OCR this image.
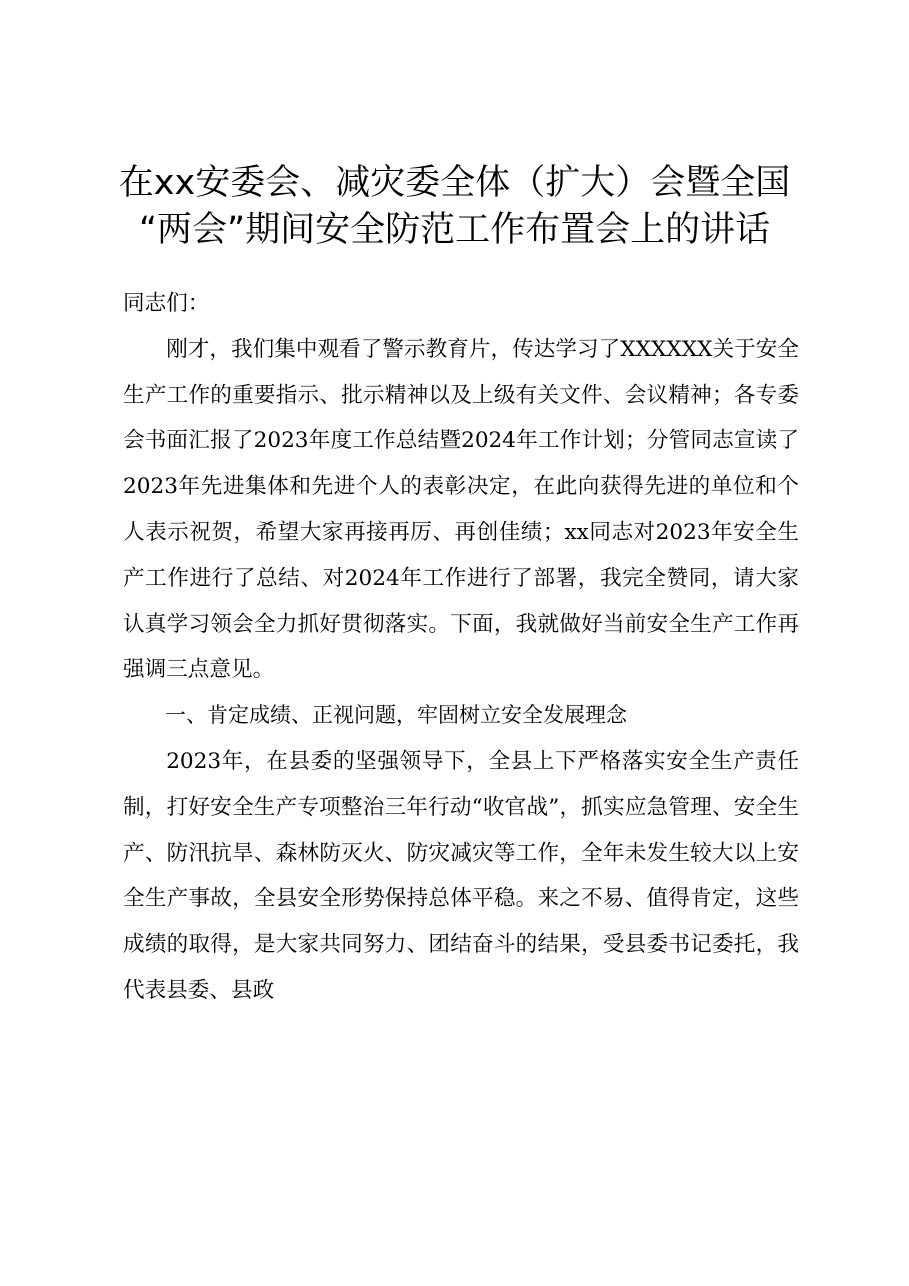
在xx安委会、减灾委全体（扩大）会暨全国
“两会”期间安全防范工作布置会上的讲话

同志们：

刚才，我们集中观看了警示教育片，传达学习了XXXXXX关于安全生产工作的重要指示、批示精神以及上级有关文件、会议精神；各专委会书面汇报了2023年度工作总结暨2024年工作计划；分管同志宣读了2023年先进集体和先进个人的表彰决定，在此向获得先进的单位和个人表示祝贺，希望大家再接再厉、再创佳绩；xx同志对2023年安全生产工作进行了总结、对2024年工作进行了部署，我完全赞同，请大家认真学习领会全力抓好贯彻落实。下面，我就做好当前安全生产工作再强调三点意见。

一、肯定成绩、正视问题，牢固树立安全发展理念

2023年，在县委的坚强领导下，全县上下严格落实安全生产责任制，打好安全生产专项整治三年行动“收官战”，抓实应急管理、安全生产、防汛抗旱、森林防灭火、防灾减灾等工作，全年未发生较大以上安全生产事故，全县安全形势保持总体平稳。来之不易、值得肯定，这些成绩的取得，是大家共同努力、团结奋斗的结果，受县委书记委托，我代表县委、县政
